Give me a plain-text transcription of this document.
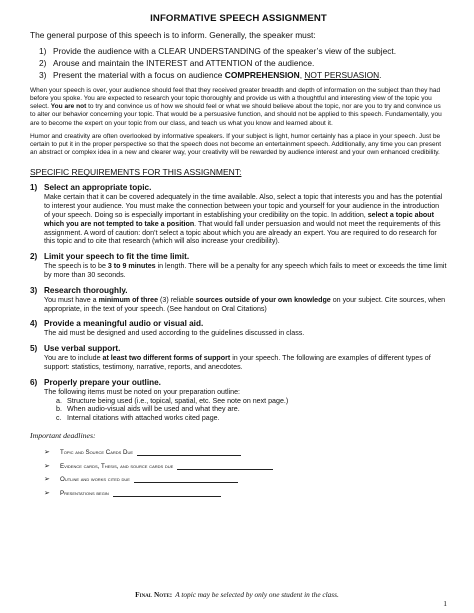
INFORMATIVE SPEECH ASSIGNMENT

The general purpose of this speech is to inform. Generally, the speaker must:

1) Provide the audience with a CLEAR UNDERSTANDING of the speaker’s view of the subject.
2) Arouse and maintain the INTEREST and ATTENTION of the audience.
3) Present the material with a focus on audience COMPREHENSION, NOT PERSUASION.

When your speech is over, your audience should feel that they received greater breadth and depth of information on the subject than they had before you spoke. You are expected to research your topic thoroughly and provide us with a thoughtful and interesting view of the topic you select. You are not to try and convince us of how we should feel or what we should believe about the topic, nor are you to try and convince us to alter our behavior concerning your topic. That would be a persuasive function, and should not be applied to this speech. Fundamentally, you are to become the expert on your topic from our class, and teach us what you know and learned about it.

Humor and creativity are often overlooked by informative speakers. If your subject is light, humor certainly has a place in your speech. Just be certain to put it in the proper perspective so that the speech does not become an entertainment speech. Additionally, any time you can present an abstract or complex idea in a new and clearer way, your creativity will be rewarded by audience interest and your own enhanced credibility.

SPECIFIC REQUIREMENTS FOR THIS ASSIGNMENT:
1) Select an appropriate topic.
Make certain that it can be covered adequately in the time available. Also, select a topic that interests you and has the potential to interest your audience. You must make the connection between your topic and yourself for your audience in the introduction of your speech. Doing so is especially important in establishing your credibility on the topic. In addition, select a topic about which you are not tempted to take a position. That would fall under persuasion and would not meet the requirements of this assignment. A word of caution: don’t select a topic about which you are already an expert. You are required to do research for this topic and to cite that research (which will also increase your credibility).
2) Limit your speech to fit the time limit.
The speech is to be 3 to 9 minutes in length. There will be a penalty for any speech which fails to meet or exceeds the time limit by more than 30 seconds.
3) Research thoroughly.
You must have a minimum of three (3) reliable sources outside of your own knowledge on your subject. Cite sources, when appropriate, in the text of your speech. (See handout on Oral Citations)
4) Provide a meaningful audio or visual aid.
The aid must be designed and used according to the guidelines discussed in class.
5) Use verbal support.
You are to include at least two different forms of support in your speech. The following are examples of different types of support: statistics, testimony, narrative, reports, and anecdotes.
6) Properly prepare your outline.
The following items must be noted on your preparation outline:
a. Structure being used (i.e., topical, spatial, etc. See note on next page.)
b. When audio-visual aids will be used and what they are.
c. Internal citations with attached works cited page.
Important deadlines:
➢	Topic and Source Cards Due
➢	Evidence cards, Thesis, and source cards due
➢	Outline and works cited due
➢	Presentations begin
Final Note: A topic may be selected by only one student in the class.
1
